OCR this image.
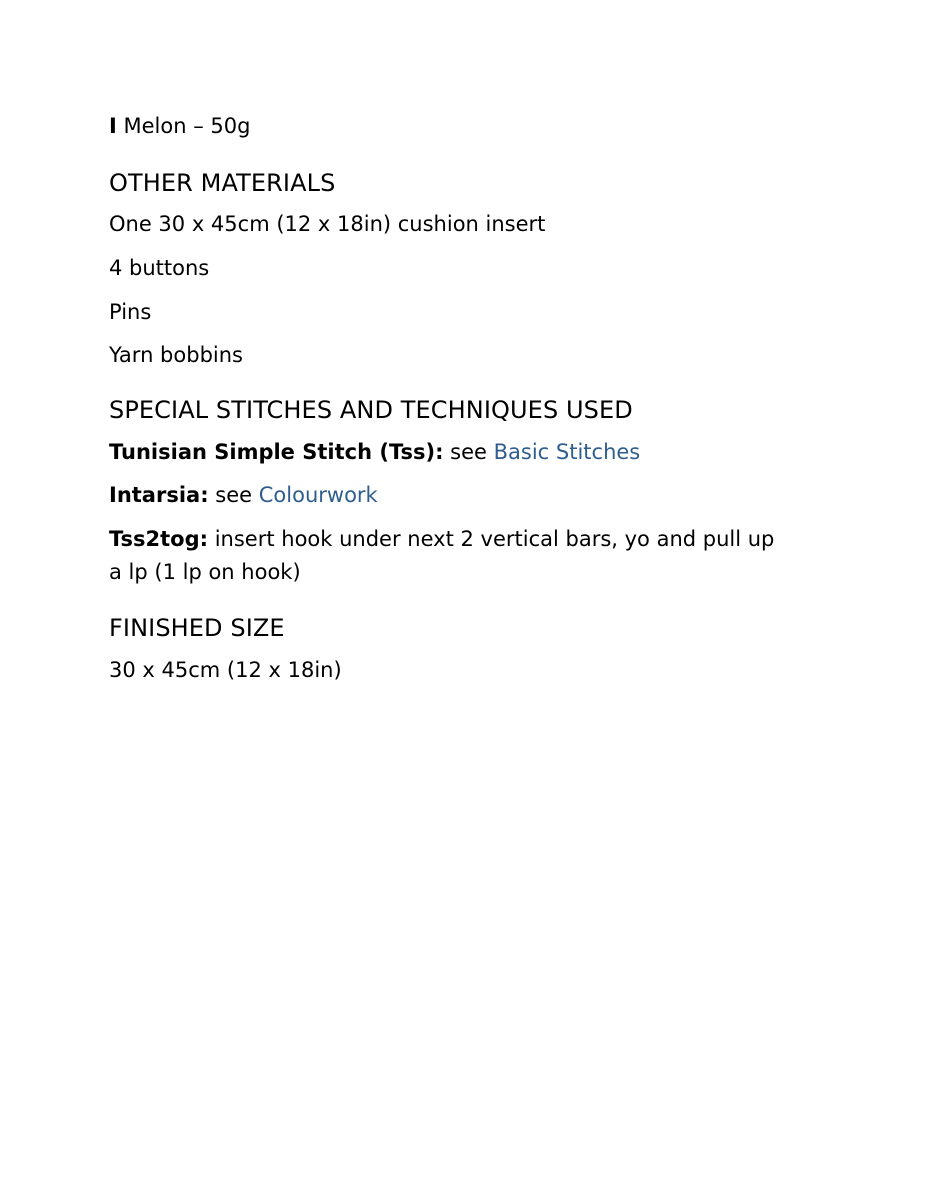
I Melon – 50g

OTHER MATERIALS

One 30 x 45cm (12 x 18in) cushion insert

4 buttons

Pins

Yarn bobbins

SPECIAL STITCHES AND TECHNIQUES USED

Tunisian Simple Stitch (Tss): see Basic Stitches

Intarsia: see Colourwork

Tss2tog: insert hook under next 2 vertical bars, yo and pull up

a lp (1 lp on hook)

FINISHED SIZE

30 x 45cm (12 x 18in)
